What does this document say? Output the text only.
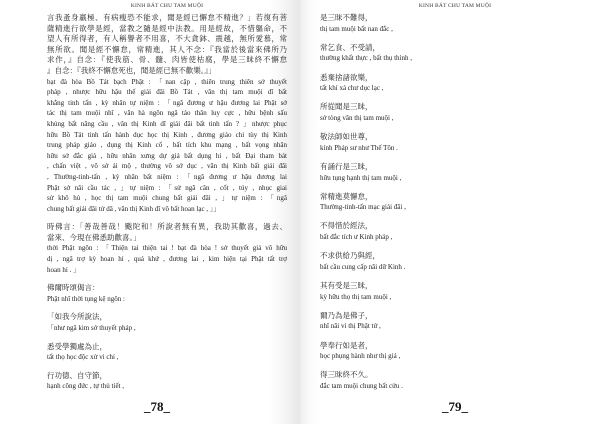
KINH BÁT CHU TAM MUỘI
言我蚤身羸極、有病瘦恐不能求，聞是經已懈怠不精進？」若復有菩
薩精進行欲學是經，當教之隨是經中法教。用是經故，不惜軀命，不
望人有所得者，有人稱譽者不用喜，不大貪鉢、震越，無所愛慕，常
無所欲。聞是經不懈怠，常精進，其人不念：『我當於後當來佛所乃
求作，』自念：『使我筋、骨、髓、肉皆使枯腐，學是三昧終不懈怠
』自念：『我終不懈怠死也，聞是經已無不歡樂。』」
bạt đà hòa Bồ Tát bạch Phật : 「nan cập , thiên trung thiên sở thuyết
pháp , nhược hữu hậu thế giải đãi Bồ Tát , văn thị tam muội dĩ bất
khẳng tinh tấn , kỳ nhân tự niệm : 「ngã đương ư hậu đương lai Phật sở
tác thị tam muội nhĩ , văn hà ngôn ngã tảo thân luy cực , hữu bệnh sấu
khủng bất năng cầu , văn thị Kinh dĩ giải đãi bất tinh tấn ? 」nhược phục
hữu Bồ Tát tinh tấn hành dục học thị Kinh , đương giáo chi tùy thị Kinh
trung pháp giáo , dụng thị Kinh cố , bất tích khu mạng , bất vọng nhân
hữu sở đắc giả , hữu nhân xưng dự giả bất dụng hỉ , bất Đại tham bát
, chấn việt , vô sở ái mộ , thường vô sở dục , văn thị Kinh bất giải đãi
, Thường-tinh-tấn , kỳ nhân bất niệm : 「ngã đương ư hậu đương lai
Phật sở nãi cầu tác , 」tự niệm : 「sử ngã cân , cốt , túy , nhục giai
sử khô hủ , học thị tam muội chung bất giải đãi , 」tự niệm : 「ngã
chung bất giải đãi tử dã , văn thị Kinh dĩ vô bất hoan lạc , 」」
時佛言：「善哉善哉！颰陀和！所說者無有異，我助其歡喜，過去、
當來、今現在佛悉助歡喜。」
thời Phật ngôn : 「Thiện tai thiện tai ! bạt đà hòa ! sở thuyết giả vô hữu
dị , ngã trợ kỳ hoan hỉ , quá khứ , đương lai , kim hiện tại Phật tất trợ
hoan hỉ . 」
佛爾時頌偈言：
Phật nhĩ thời tụng kệ ngôn :
「如我今所說法，
「như ngã kim sở thuyết pháp ,
悉受學獨處為止，
tất thọ học độc xử vi chỉ ,
行功德、自守節，
hạnh công đức , tự thủ tiết ,
_78_
KINH BÁT CHU TAM MUỘI
是三昧不難得，
thị tam muội bất nan đắc ,
常乞食、不受請，
thường khất thực , bất thụ thỉnh ,
悉棄捨諸欲樂，
tất khí xả chư dục lạc ,
所從聞是三昧，
sở tòng văn thị tam muội ,
敬法師如世尊，
kính Pháp sư như Thế Tôn .
有誦行是三昧，
hữu tụng hạnh thị tam muội ,
常精進莫懈怠，
Thường-tinh-tấn mạc giải đãi ,
不得惜於經法，
bất đắc tích ư Kinh pháp ,
不求供給乃與經，
bất cầu cung cấp nãi dữ Kinh .
其有受是三昧，
kỳ hữu thọ thị tam muội ,
爾乃為是佛子，
nhĩ nãi vi thị Phật tử ,
學奉行如是者，
học phụng hành như thị giả ,
得三昧終不久。
đắc tam muội chung bất cửu .
_79_
